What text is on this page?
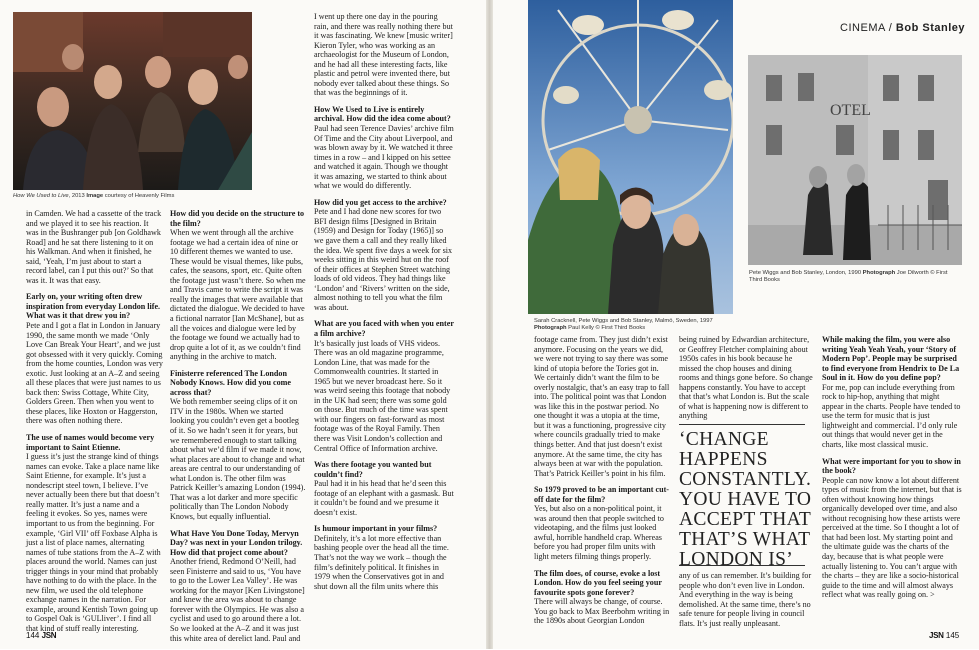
How We Used to Live, 2013 Image courtesy of Heavenly Films
Sarah Cracknell, Pete Wiggs and Bob Stanley, Malmö, Sweden, 1997
Photograph Paul Kelly © First Third Books
OTEL
Pete Wiggs and Bob Stanley, London, 1990 Photograph Joe Dilworth © First Third Books
CINEMA / Bob Stanley

in Camden. We had a cassette of the track and we played it to see his reaction. It was in the Bushranger pub [on Goldhawk Road] and he sat there listening to it on his Walkman. And when it finished, he said, ‘Yeah, I’m just about to start a record label, can I put this out?’ So that was it. It was that easy.

Early on, your writing often drew inspiration from everyday London life. What was it that drew you in?
Pete and I got a flat in London in January 1990, the same month we made ‘Only Love Can Break Your Heart’, and we just got obsessed with it very quickly. Coming from the home counties, London was very exotic. Just looking at an A–Z and seeing all these places that were just names to us back then: Swiss Cottage, White City, Golders Green. Then when you went to these places, like Hoxton or Haggerston, there was often nothing there.

The use of names would become very important to Saint Etienne.
I guess it’s just the strange kind of things names can evoke. Take a place name like Saint Etienne, for example. It’s just a nondescript steel town, I believe. I’ve never actually been there but that doesn’t really matter. It’s just a name and a feeling it evokes. So yes, names were important to us from the beginning. For example, ‘Girl VII’ off Foxbase Alpha is just a list of place names, alternating names of tube stations from the A–Z with places around the world. Names can just trigger things in your mind that probably have nothing to do with the place. In the new film, we used the old telephone exchange names in the narration. For example, around Kentish Town going up to Gospel Oak is ‘GULliver’. I find all that kind of stuff really interesting.

How did you decide on the structure to the film?
When we went through all the archive footage we had a certain idea of nine or 10 different themes we wanted to use. These would be visual themes, like pubs, cafes, the seasons, sport, etc. Quite often the footage just wasn’t there. So when me and Travis came to write the script it was really the images that were available that dictated the dialogue. We decided to have a fictional narrator [Ian McShane], but as all the voices and dialogue were led by the footage we found we actually had to drop quite a lot of it, as we couldn’t find anything in the archive to match.

Finisterre referenced The London Nobody Knows. How did you come across that?
We both remember seeing clips of it on ITV in the 1980s. When we started looking you couldn’t even get a bootleg of it. So we hadn’t seen it for years, but we remembered enough to start talking about what we’d film if we made it now, what places are about to change and what areas are central to our understanding of what London is. The other film was Patrick Keiller’s amazing London (1994). That was a lot darker and more specific politically than The London Nobody Knows, but equally influential.

What Have You Done Today, Mervyn Day? was next in your London trilogy. How did that project come about?
Another friend, Redmond O’Neill, had seen Finisterre and said to us, ‘You have to go to the Lower Lea Valley’. He was working for the mayor [Ken Livingstone] and knew the area was about to change forever with the Olympics. He was also a cyclist and used to go around there a lot. So we looked at the A–Z and it was just this white area of derelict land. Paul and

I went up there one day in the pouring rain, and there was really nothing there but it was fascinating. We knew [music writer] Kieron Tyler, who was working as an archaeologist for the Museum of London, and he had all these interesting facts, like plastic and petrol were invented there, but nobody ever talked about these things. So that was the beginnings of it.

How We Used to Live is entirely archival. How did the idea come about?
Paul had seen Terence Davies’ archive film Of Time and the City about Liverpool, and was blown away by it. We watched it three times in a row – and I kipped on his settee and watched it again. Though we thought it was amazing, we started to think about what we would do differently.

How did you get access to the archive?
Pete and I had done new scores for two BFI design films [Designed in Britain (1959) and Design for Today (1965)] so we gave them a call and they really liked the idea. We spent five days a week for six weeks sitting in this weird hut on the roof of their offices at Stephen Street watching loads of old videos. They had things like ‘London’ and ‘Rivers’ written on the side, almost nothing to tell you what the film was about.

What are you faced with when you enter a film archive?
It’s basically just loads of VHS videos. There was an old magazine programme, London Line, that was made for the Commonwealth countries. It started in 1965 but we never broadcast here. So it was weird seeing this footage that nobody in the UK had seen; there was some gold on those. But much of the time was spent with our fingers on fast-forward as most footage was of the Royal Family. Then there was Visit London’s collection and Central Office of Information archive.

Was there footage you wanted but couldn’t find?
Paul had it in his head that he’d seen this footage of an elephant with a gasmask. But it couldn’t be found and we presume it doesn’t exist.

Is humour important in your films?
Definitely, it’s a lot more effective than bashing people over the head all the time. That’s not the way we work – though the film’s definitely political. It finishes in 1979 when the Conservatives got in and shut down all the film units where this

footage came from. They just didn’t exist anymore. Focusing on the years we did, we were not trying to say there was some kind of utopia before the Tories got in. We certainly didn’t want the film to be overly nostalgic, that’s an easy trap to fall into. The political point was that London was like this in the postwar period. No one thought it was a utopia at the time, but it was a functioning, progressive city where councils gradually tried to make things better. And that just doesn’t exist anymore. At the same time, the city has always been at war with the population. That’s Patrick Keiller’s point in his film.

So 1979 proved to be an important cut-off date for the film?
Yes, but also on a non-political point, it was around then that people switched to videotaping, and the films just looked awful, horrible handheld crap. Whereas before you had proper film units with light meters filming things properly.

The film does, of course, evoke a lost London. How do you feel seeing your favourite spots gone forever?
There will always be change, of course. You go back to Max Beerbohm writing in the 1890s about Georgian London

being ruined by Edwardian architecture, or Geoffrey Fletcher complaining about 1950s cafes in his book because he missed the chop houses and dining rooms and things gone before. So change happens constantly. You have to accept that that’s what London is. But the scale of what is happening now is different to anything

‘CHANGE HAPPENS CONSTANTLY. YOU HAVE TO ACCEPT THAT THAT’S WHAT LONDON IS’

any of us can remember. It’s building for people who don’t even live in London. And everything in the way is being demolished. At the same time, there’s no safe tenure for people living in council flats. It’s just really unpleasant.

While making the film, you were also writing Yeah Yeah Yeah, your ‘Story of Modern Pop’. People may be surprised to find everyone from Hendrix to De La Soul in it. How do you define pop?
For me, pop can include everything from rock to hip-hop, anything that might appear in the charts. People have tended to use the term for music that is just lightweight and commercial. I’d only rule out things that would never get in the charts, like most classical music.

What were important for you to show in the book?
People can now know a lot about different types of music from the internet, but that is often without knowing how things organically developed over time, and also without recognising how these artists were perceived at the time. So I thought a lot of that had been lost. My starting point and the ultimate guide was the charts of the day, because that is what people were actually listening to. You can’t argue with the charts – they are like a socio-historical guide to the time and will almost always reflect what was really going on. >

144 JSN	JSN 145
